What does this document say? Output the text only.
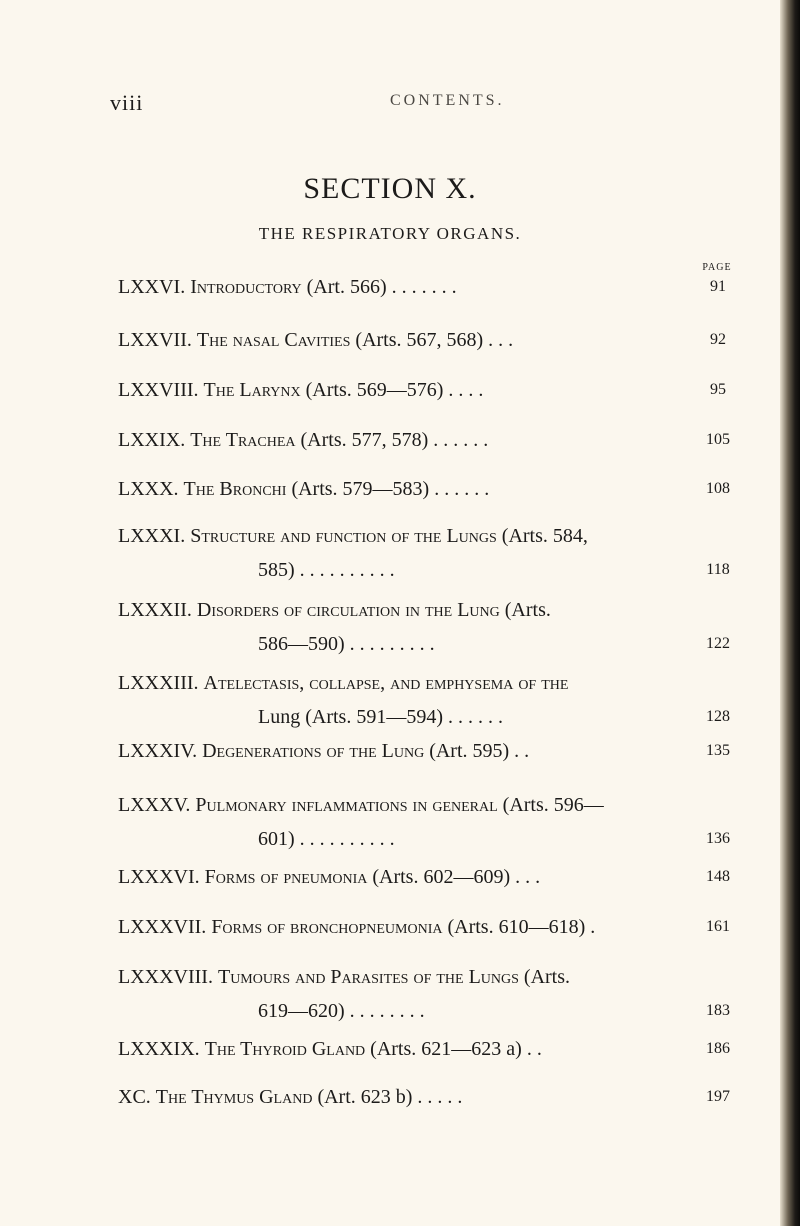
viii	CONTENTS.
SECTION X.
THE RESPIRATORY ORGANS.
PAGE
LXXVI. Introductory (Art. 566) . . . . . . .	91
LXXVII. The nasal Cavities (Arts. 567, 568) . . .	92
LXXVIII. The Larynx (Arts. 569—576) . . . .	95
LXXIX. The Trachea (Arts. 577, 578) . . . . . .	105
LXXX. The Bronchi (Arts. 579—583) . . . . . .	108
LXXXI. Structure and function of the Lungs (Arts. 584,
585) . . . . . . . . . .	118
LXXXII. Disorders of circulation in the Lung (Arts.
586—590) . . . . . . . . .	122
LXXXIII. Atelectasis, collapse, and emphysema of the
Lung (Arts. 591—594) . . . . . .	128
LXXXIV. Degenerations of the Lung (Art. 595) . .	135
LXXXV. Pulmonary inflammations in general (Arts. 596—
601) . . . . . . . . . .	136
LXXXVI. Forms of pneumonia (Arts. 602—609) . . .	148
LXXXVII. Forms of bronchopneumonia (Arts. 610—618) .	161
LXXXVIII. Tumours and Parasites of the Lungs (Arts.
619—620) . . . . . . . .	183
LXXXIX. The Thyroid Gland (Arts. 621—623 a) . .	186
XC. The Thymus Gland (Art. 623 b) . . . . .	197
